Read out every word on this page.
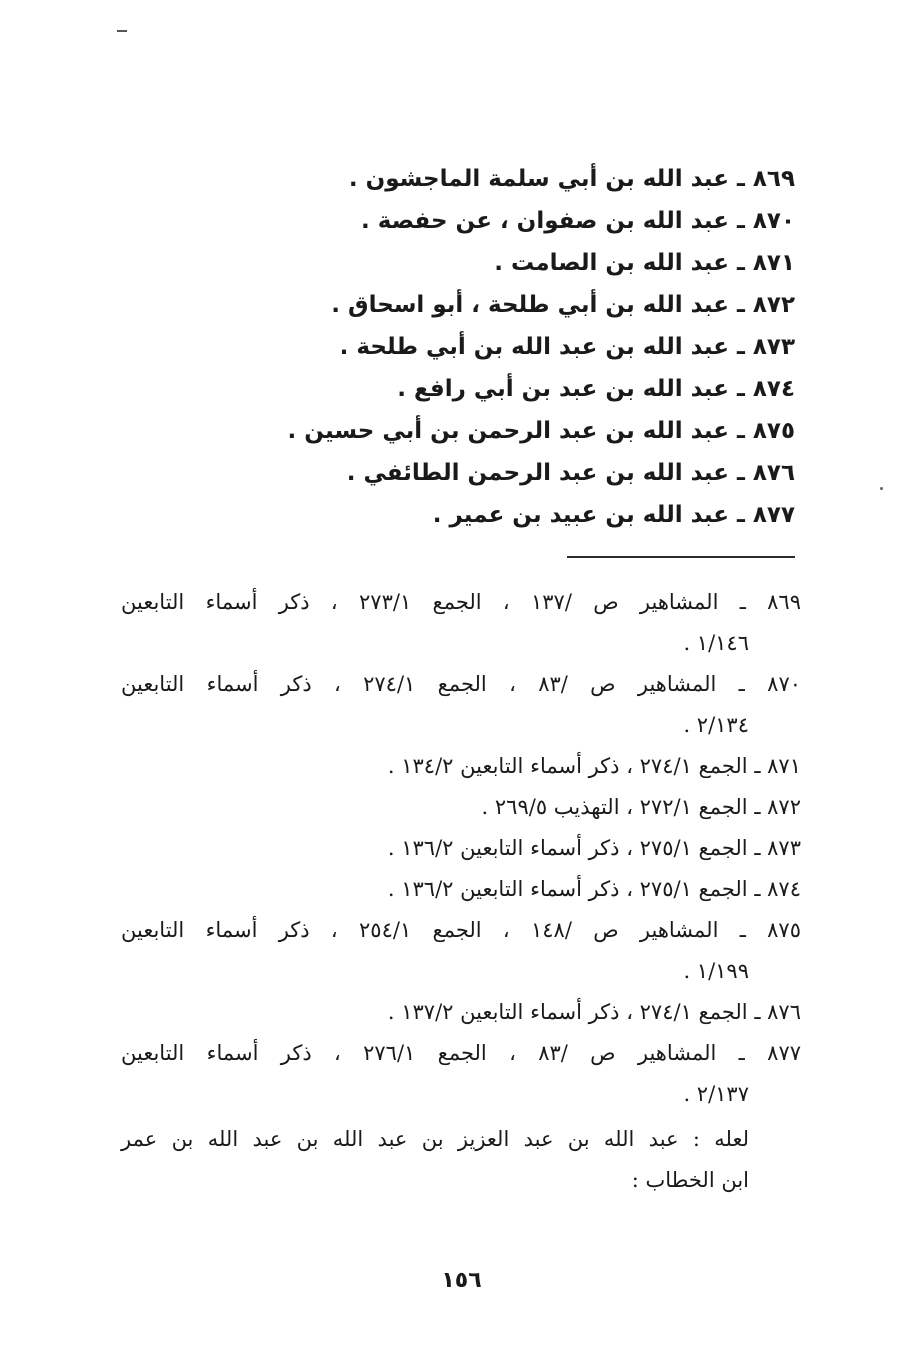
٨٦٩ ـ عبد الله بن أبي سلمة الماجشون .
٨٧٠ ـ عبد الله بن صفوان ، عن حفصة .
٨٧١ ـ عبد الله بن الصامت .
٨٧٢ ـ عبد الله بن أبي طلحة ، أبو اسحاق .
٨٧٣ ـ عبد الله بن عبد الله بن أبي طلحة .
٨٧٤ ـ عبد الله بن عبد بن أبي رافع .
٨٧٥ ـ عبد الله بن عبد الرحمن بن أبي حسين .
٨٧٦ ـ عبد الله بن عبد الرحمن الطائفي .
٨٧٧ ـ عبد الله بن عبيد بن عمير .
٨٦٩ ـ المشاهير ص ‎/١٣٧ ، الجمع ١‏/٢٧٣ ، ذكر أسماء التابعين
١/١٤٦ .
٨٧٠ ـ المشاهير ص ‎/٨٣ ، الجمع ١‏/٢٧٤ ، ذكر أسماء التابعين
٢/١٣٤ .
٨٧١ ـ الجمع ١‏/٢٧٤ ، ذكر أسماء التابعين ٢‏/١٣٤ .
٨٧٢ ـ الجمع ١‏/٢٧٢ ، التهذيب ٥‏/٢٦٩ .
٨٧٣ ـ الجمع ١‏/٢٧٥ ، ذكر أسماء التابعين ٢‏/١٣٦ .
٨٧٤ ـ الجمع ١‏/٢٧٥ ، ذكر أسماء التابعين ٢‏/١٣٦ .
٨٧٥ ـ المشاهير ص ‎/١٤٨ ، الجمع ١‏/٢٥٤ ، ذكر أسماء التابعين
١/١٩٩ .
٨٧٦ ـ الجمع ١‏/٢٧٤ ، ذكر أسماء التابعين ٢‏/١٣٧ .
٨٧٧ ـ المشاهير ص ‎/٨٣ ، الجمع ١‏/٢٧٦ ، ذكر أسماء التابعين
٢/١٣٧ .
لعله : عبد الله بن عبد العزيز بن عبد الله بن عبد الله بن عمر
ابن الخطاب :
١٥٦
